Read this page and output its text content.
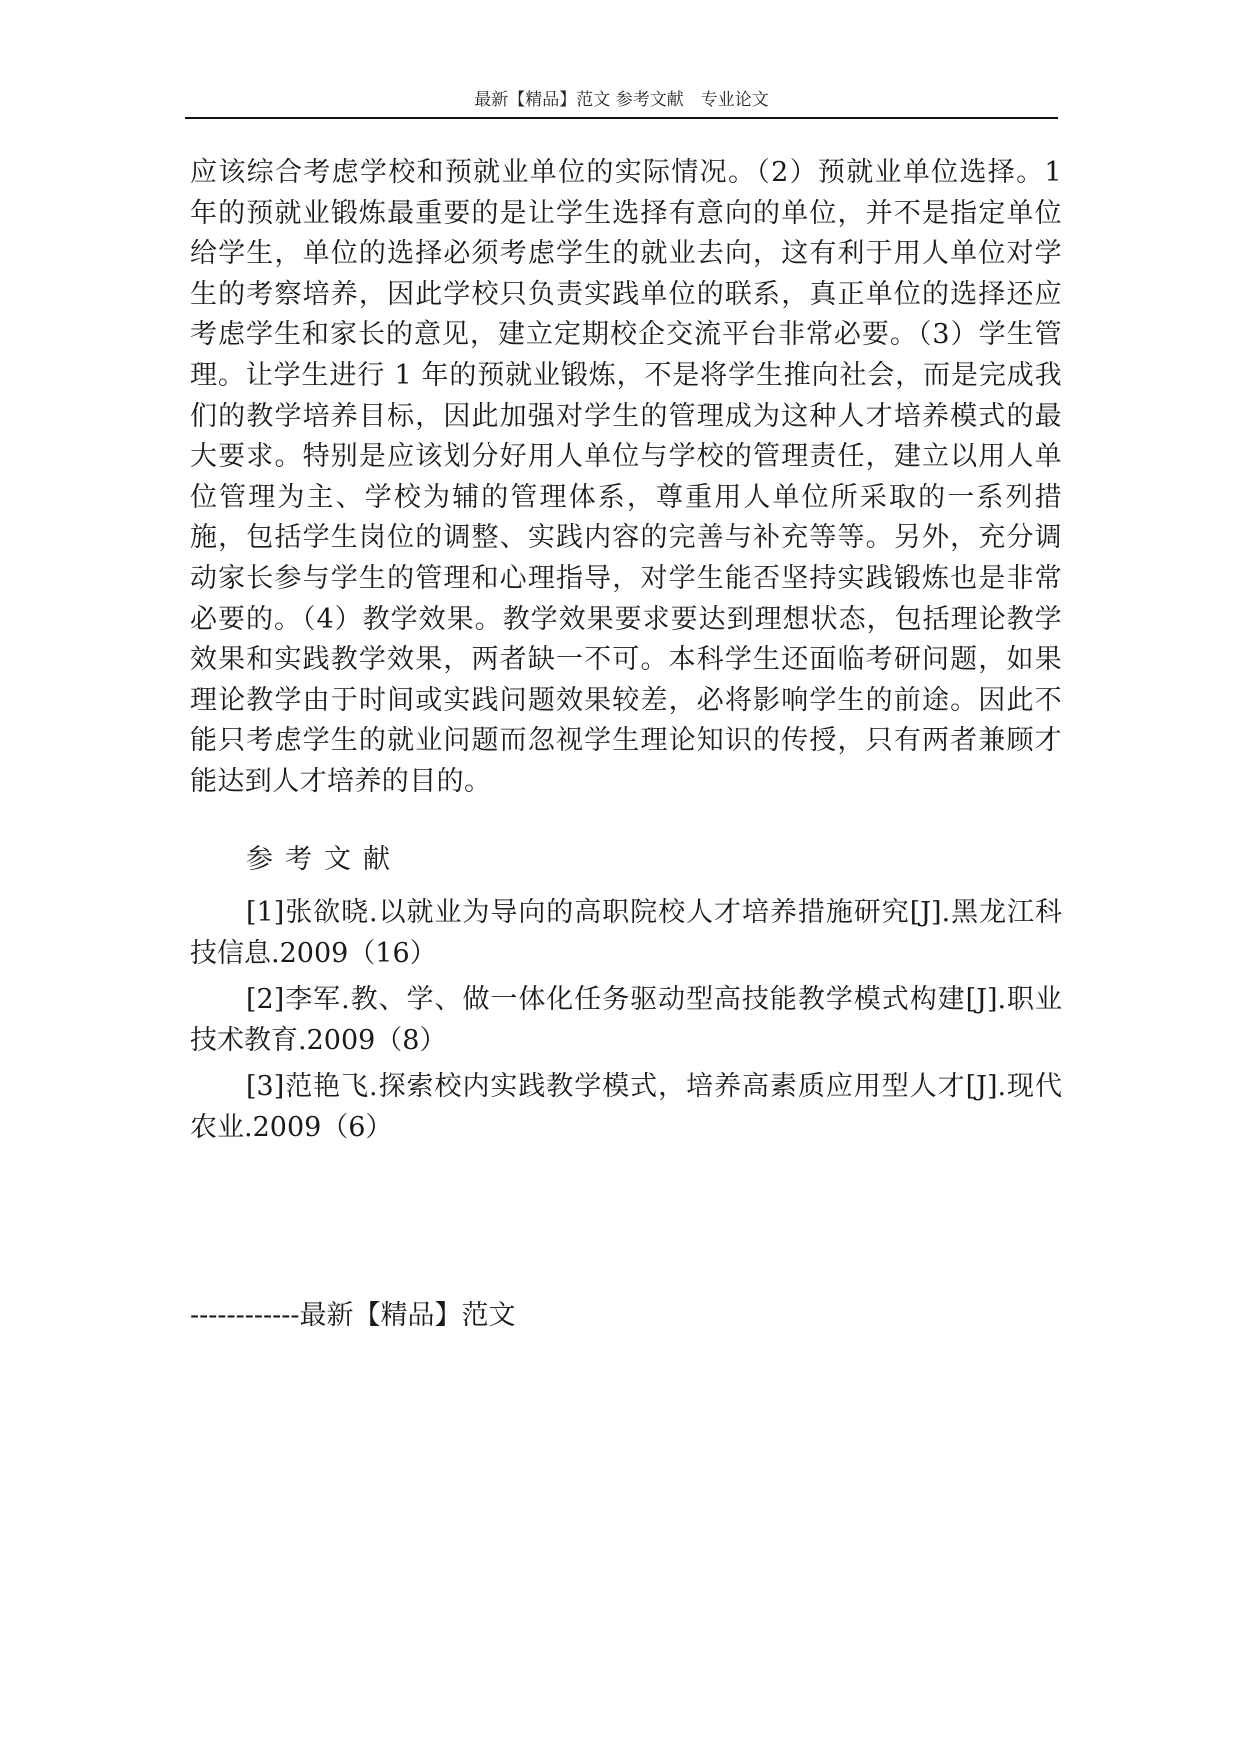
最新【精品】范文 参考文献　专业论文

应该综合考虑学校和预就业单位的实际情况。（2）预就业单位选择。1 年的预就业锻炼最重要的是让学生选择有意向的单位，并不是指定单位给学生，单位的选择必须考虑学生的就业去向，这有利于用人单位对学生的考察培养，因此学校只负责实践单位的联系，真正单位的选择还应考虑学生和家长的意见，建立定期校企交流平台非常必要。（3）学生管理。让学生进行 1 年的预就业锻炼，不是将学生推向社会，而是完成我们的教学培养目标，因此加强对学生的管理成为这种人才培养模式的最大要求。特别是应该划分好用人单位与学校的管理责任，建立以用人单位管理为主、学校为辅的管理体系，尊重用人单位所采取的一系列措施，包括学生岗位的调整、实践内容的完善与补充等等。另外，充分调动家长参与学生的管理和心理指导，对学生能否坚持实践锻炼也是非常必要的。（4）教学效果。教学效果要求要达到理想状态，包括理论教学效果和实践教学效果，两者缺一不可。本科学生还面临考研问题，如果理论教学由于时间或实践问题效果较差，必将影响学生的前途。因此不能只考虑学生的就业问题而忽视学生理论知识的传授，只有两者兼顾才能达到人才培养的目的。

参考文献

[1]张欲晓.以就业为导向的高职院校人才培养措施研究[J].黑龙江科技信息.2009（16）
[2]李军.教、学、做一体化任务驱动型高技能教学模式构建[J].职业技术教育.2009（8）
[3]范艳飞.探索校内实践教学模式，培养高素质应用型人才[J].现代农业.2009（6）

------------最新【精品】范文
